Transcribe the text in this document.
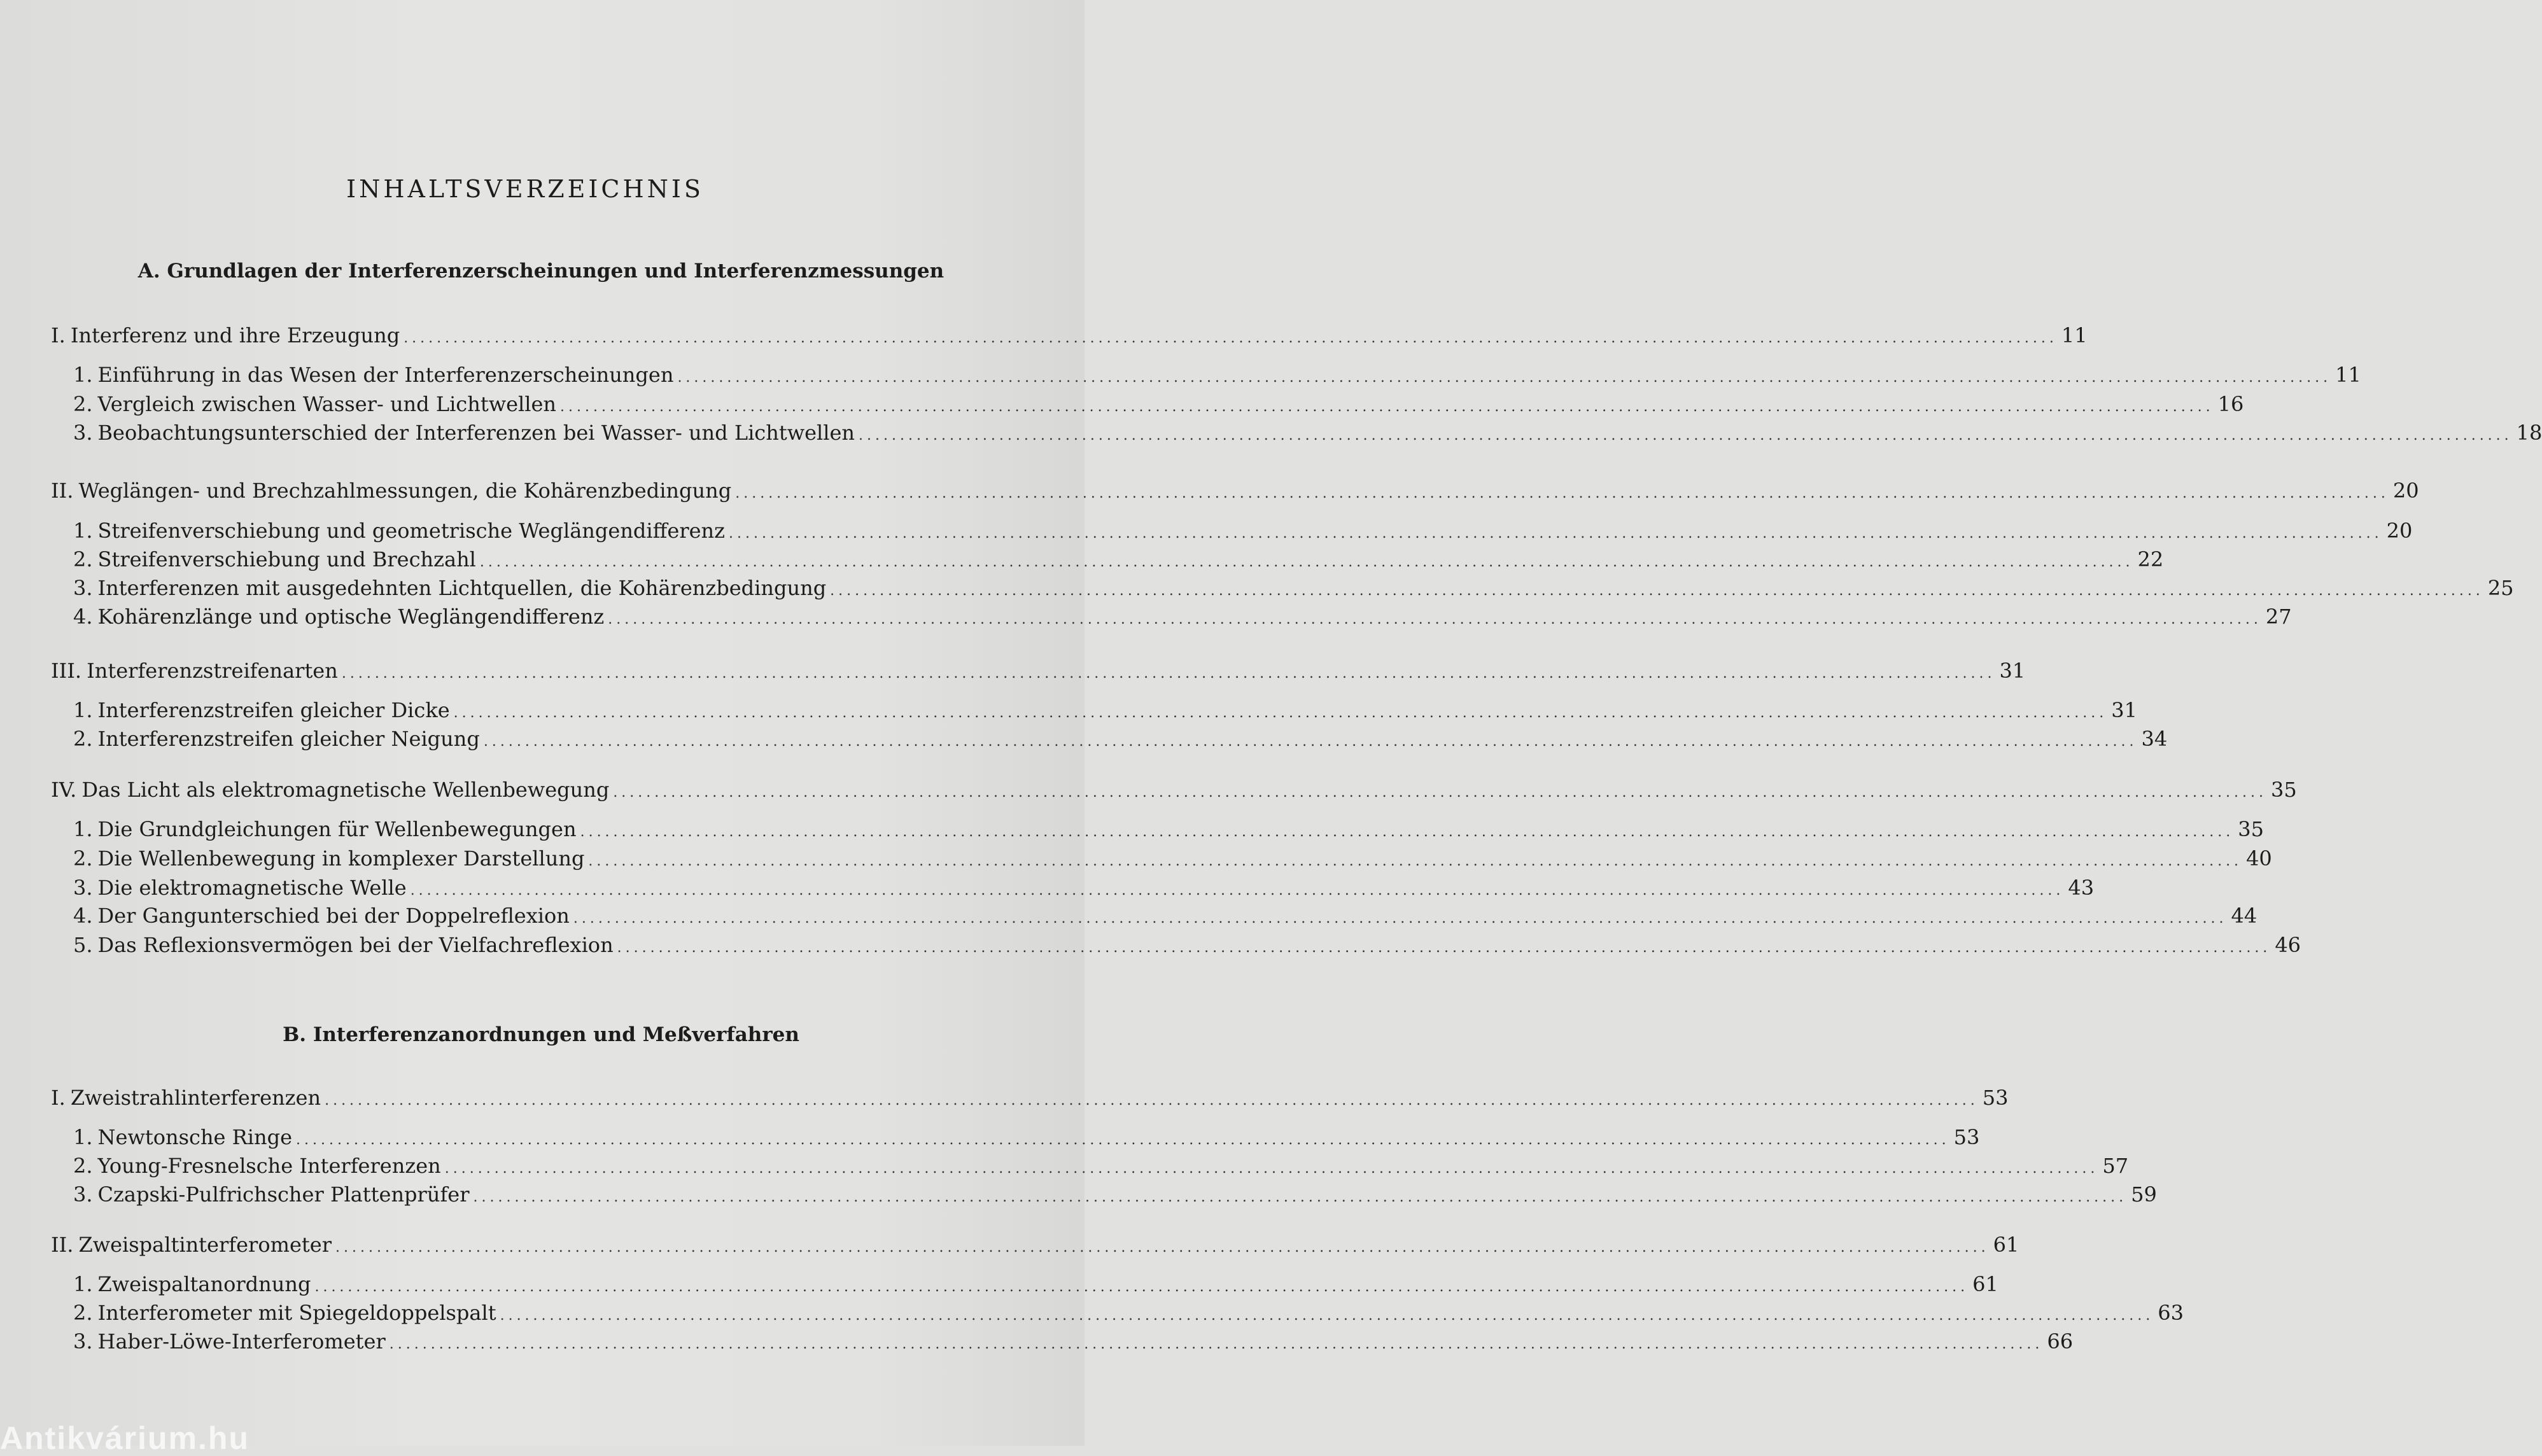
INHALTSVERZEICHNIS
A. Grundlagen der Interferenzerscheinungen und Interferenzmessungen
B. Interferenzanordnungen und Meßverfahren
I. Interferenz und ihre Erzeugung ........................................................................................................................................................................................................ 11
1. Einführung in das Wesen der Interferenzerscheinungen ........................................................................................................................................................................................................ 11
2. Vergleich zwischen Wasser- und Lichtwellen ........................................................................................................................................................................................................ 16
3. Beobachtungsunterschied der Interferenzen bei Wasser- und Lichtwellen ........................................................................................................................................................................................................ 18
II. Weglängen- und Brechzahlmessungen, die Kohärenzbedingung ........................................................................................................................................................................................................ 20
1. Streifenverschiebung und geometrische Weglängendifferenz ........................................................................................................................................................................................................ 20
2. Streifenverschiebung und Brechzahl ........................................................................................................................................................................................................ 22
3. Interferenzen mit ausgedehnten Lichtquellen, die Kohärenzbedingung ........................................................................................................................................................................................................ 25
4. Kohärenzlänge und optische Weglängendifferenz ........................................................................................................................................................................................................ 27
III. Interferenzstreifenarten ........................................................................................................................................................................................................ 31
1. Interferenzstreifen gleicher Dicke ........................................................................................................................................................................................................ 31
2. Interferenzstreifen gleicher Neigung ........................................................................................................................................................................................................ 34
IV. Das Licht als elektromagnetische Wellenbewegung ........................................................................................................................................................................................................ 35
1. Die Grundgleichungen für Wellenbewegungen ........................................................................................................................................................................................................ 35
2. Die Wellenbewegung in komplexer Darstellung ........................................................................................................................................................................................................ 40
3. Die elektromagnetische Welle ........................................................................................................................................................................................................ 43
4. Der Gangunterschied bei der Doppelreflexion ........................................................................................................................................................................................................ 44
5. Das Reflexionsvermögen bei der Vielfachreflexion ........................................................................................................................................................................................................ 46
I. Zweistrahlinterferenzen ........................................................................................................................................................................................................ 53
1. Newtonsche Ringe ........................................................................................................................................................................................................ 53
2. Young-Fresnelsche Interferenzen ........................................................................................................................................................................................................ 57
3. Czapski-Pulfrichscher Plattenprüfer ........................................................................................................................................................................................................ 59
II. Zweispaltinterferometer ........................................................................................................................................................................................................ 61
1. Zweispaltanordnung ........................................................................................................................................................................................................ 61
2. Interferometer mit Spiegeldoppelspalt ........................................................................................................................................................................................................ 63
3. Haber-Löwe-Interferometer ........................................................................................................................................................................................................ 66
Antikvárium.hu
